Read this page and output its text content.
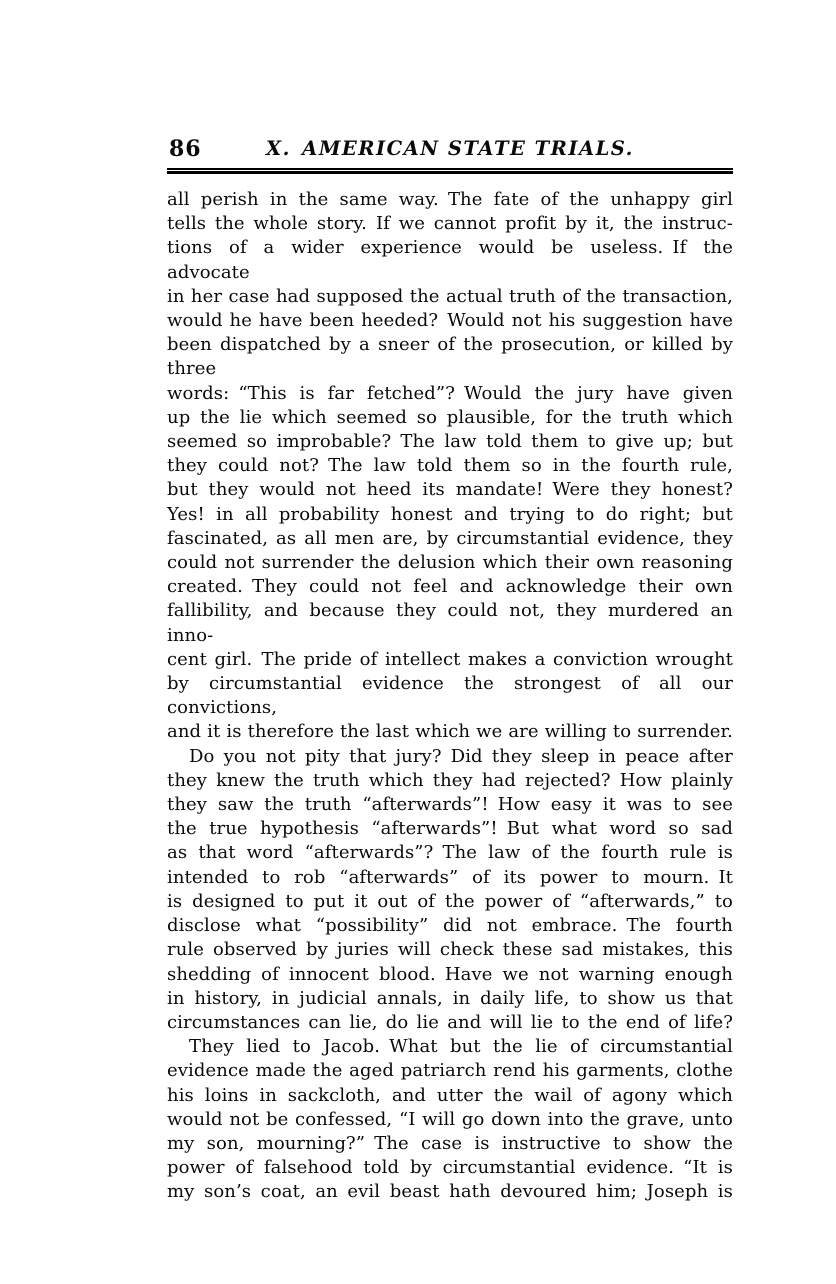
86	X. AMERICAN STATE TRIALS.
all perish in the same way. The fate of the unhappy girl
tells the whole story. If we cannot profit by it, the instruc-
tions of a wider experience would be useless. If the advocate
in her case had supposed the actual truth of the transaction,
would he have been heeded? Would not his suggestion have
been dispatched by a sneer of the prosecution, or killed by three
words: “This is far fetched”? Would the jury have given
up the lie which seemed so plausible, for the truth which
seemed so improbable? The law told them to give up; but
they could not? The law told them so in the fourth rule,
but they would not heed its mandate! Were they honest?
Yes! in all probability honest and trying to do right; but
fascinated, as all men are, by circumstantial evidence, they
could not surrender the delusion which their own reasoning
created. They could not feel and acknowledge their own
fallibility, and because they could not, they murdered an inno-
cent girl. The pride of intellect makes a conviction wrought
by circumstantial evidence the strongest of all our convictions,
and it is therefore the last which we are willing to surrender.
Do you not pity that jury? Did they sleep in peace after
they knew the truth which they had rejected? How plainly
they saw the truth “afterwards”! How easy it was to see
the true hypothesis “afterwards”! But what word so sad
as that word “afterwards”? The law of the fourth rule is
intended to rob “afterwards” of its power to mourn. It
is designed to put it out of the power of “afterwards,” to
disclose what “possibility” did not embrace. The fourth
rule observed by juries will check these sad mistakes, this
shedding of innocent blood. Have we not warning enough
in history, in judicial annals, in daily life, to show us that
circumstances can lie, do lie and will lie to the end of life?
They lied to Jacob. What but the lie of circumstantial
evidence made the aged patriarch rend his garments, clothe
his loins in sackcloth, and utter the wail of agony which
would not be confessed, “I will go down into the grave, unto
my son, mourning?” The case is instructive to show the
power of falsehood told by circumstantial evidence. “It is
my son’s coat, an evil beast hath devoured him; Joseph is
